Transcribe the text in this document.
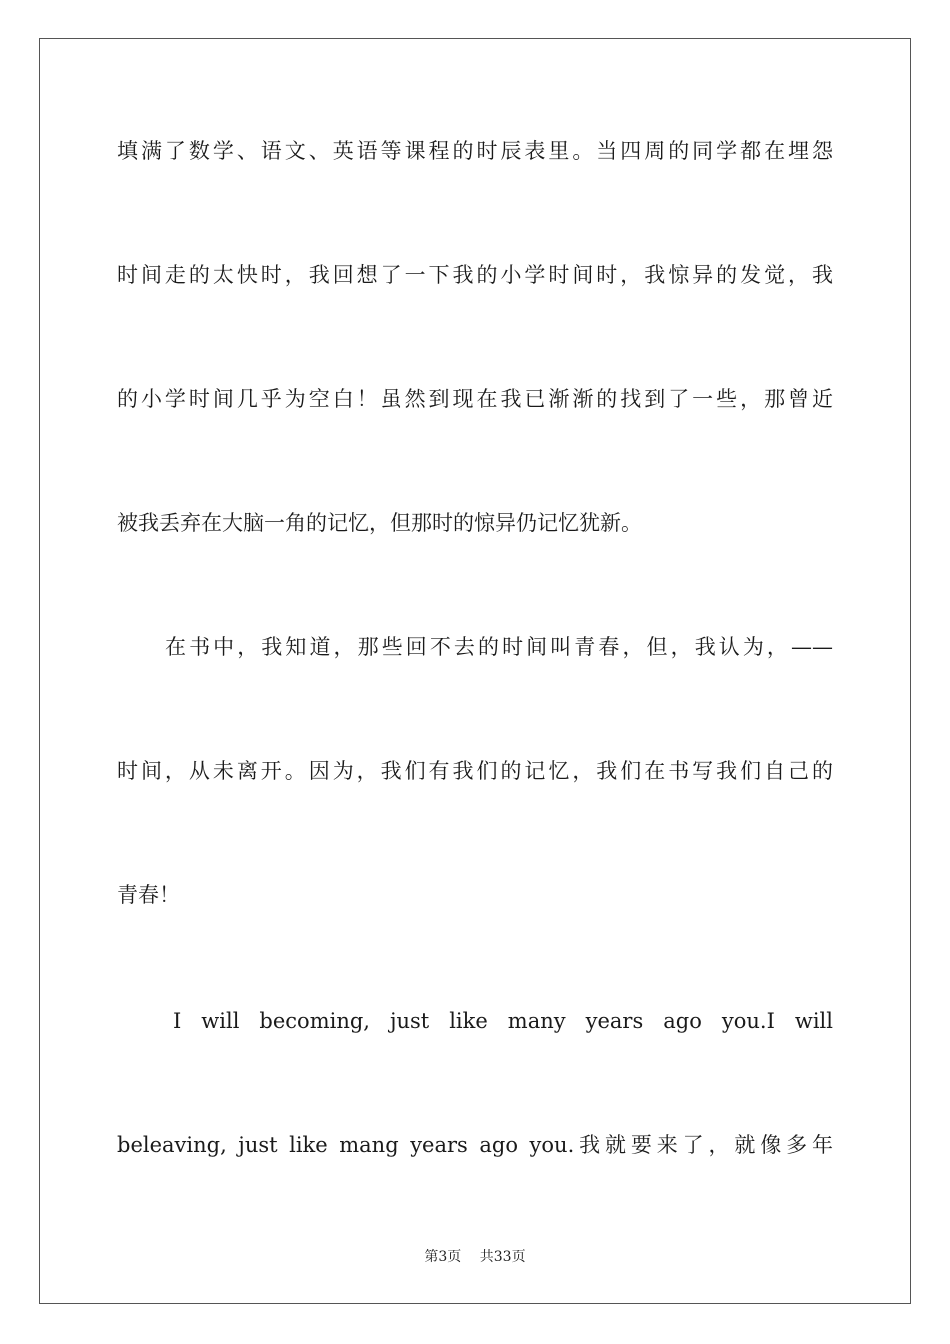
填满了数学、语文、英语等课程的时辰表里。当四周的同学都在埋怨
时间走的太快时，我回想了一下我的小学时间时，我惊异的发觉，我
的小学时间几乎为空白！虽然到现在我已渐渐的找到了一些，那曾近
被我丢弃在大脑一角的记忆，但那时的惊异仍记忆犹新。
在书中，我知道，那些回不去的时间叫青春，但，我认为，——
时间，从未离开。因为，我们有我们的记忆，我们在书写我们自己的
青春！
I will becoming, just like many years ago you.I will
beleaving, just like mang years ago you.我就要来了，就像多年
第3页 共33页
